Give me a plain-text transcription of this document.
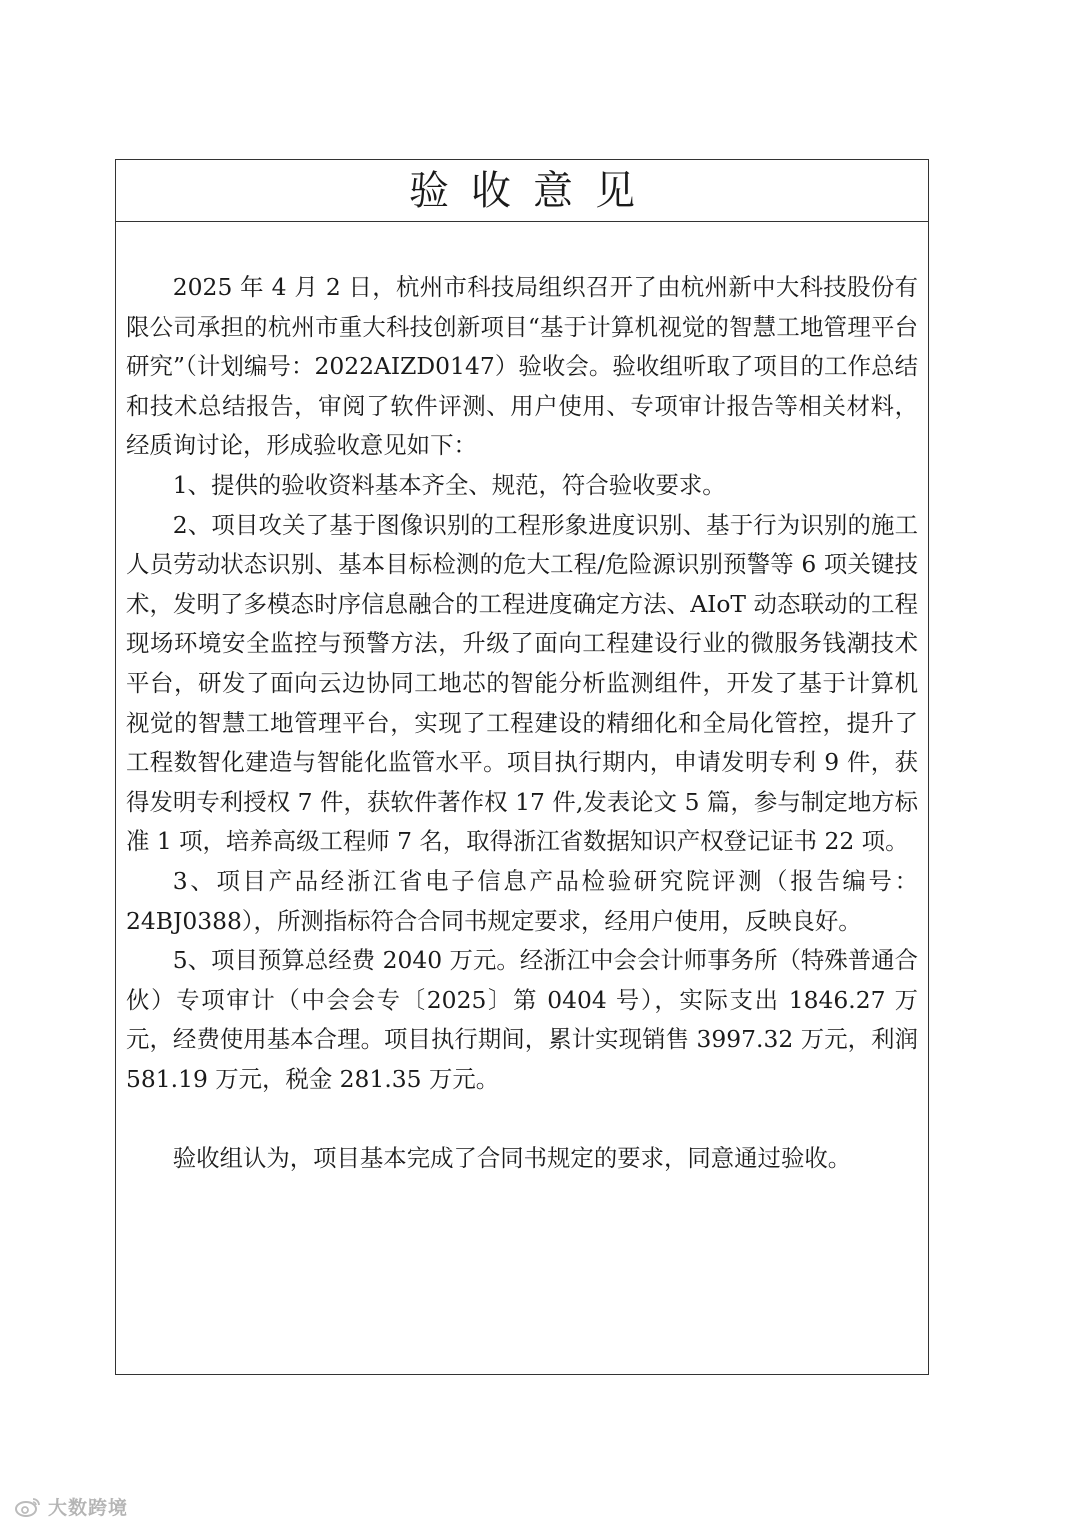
验收意见

2025 年 4 月 2 日，杭州市科技局组织召开了由杭州新中大科技股份有限公司承担的杭州市重大科技创新项目“基于计算机视觉的智慧工地管理平台研究”（计划编号：2022AIZD0147）验收会。验收组听取了项目的工作总结和技术总结报告，审阅了软件评测、用户使用、专项审计报告等相关材料，经质询讨论，形成验收意见如下：

1、提供的验收资料基本齐全、规范，符合验收要求。

2、项目攻关了基于图像识别的工程形象进度识别、基于行为识别的施工人员劳动状态识别、基本目标检测的危大工程/危险源识别预警等 6 项关键技术，发明了多模态时序信息融合的工程进度确定方法、AIoT 动态联动的工程现场环境安全监控与预警方法，升级了面向工程建设行业的微服务钱潮技术平台，研发了面向云边协同工地芯的智能分析监测组件，开发了基于计算机视觉的智慧工地管理平台，实现了工程建设的精细化和全局化管控，提升了工程数智化建造与智能化监管水平。项目执行期内，申请发明专利 9 件，获得发明专利授权 7 件，获软件著作权 17 件,发表论文 5 篇，参与制定地方标准 1 项，培养高级工程师 7 名，取得浙江省数据知识产权登记证书 22 项。

3、项目产品经浙江省电子信息产品检验研究院评测（报告编号：24BJ0388），所测指标符合合同书规定要求，经用户使用，反映良好。

5、项目预算总经费 2040 万元。经浙江中会会计师事务所（特殊普通合伙）专项审计（中会会专〔2025〕第 0404 号），实际支出 1846.27 万元，经费使用基本合理。项目执行期间，累计实现销售 3997.32 万元，利润 581.19 万元，税金 281.35 万元。

验收组认为，项目基本完成了合同书规定的要求，同意通过验收。

大数跨境
